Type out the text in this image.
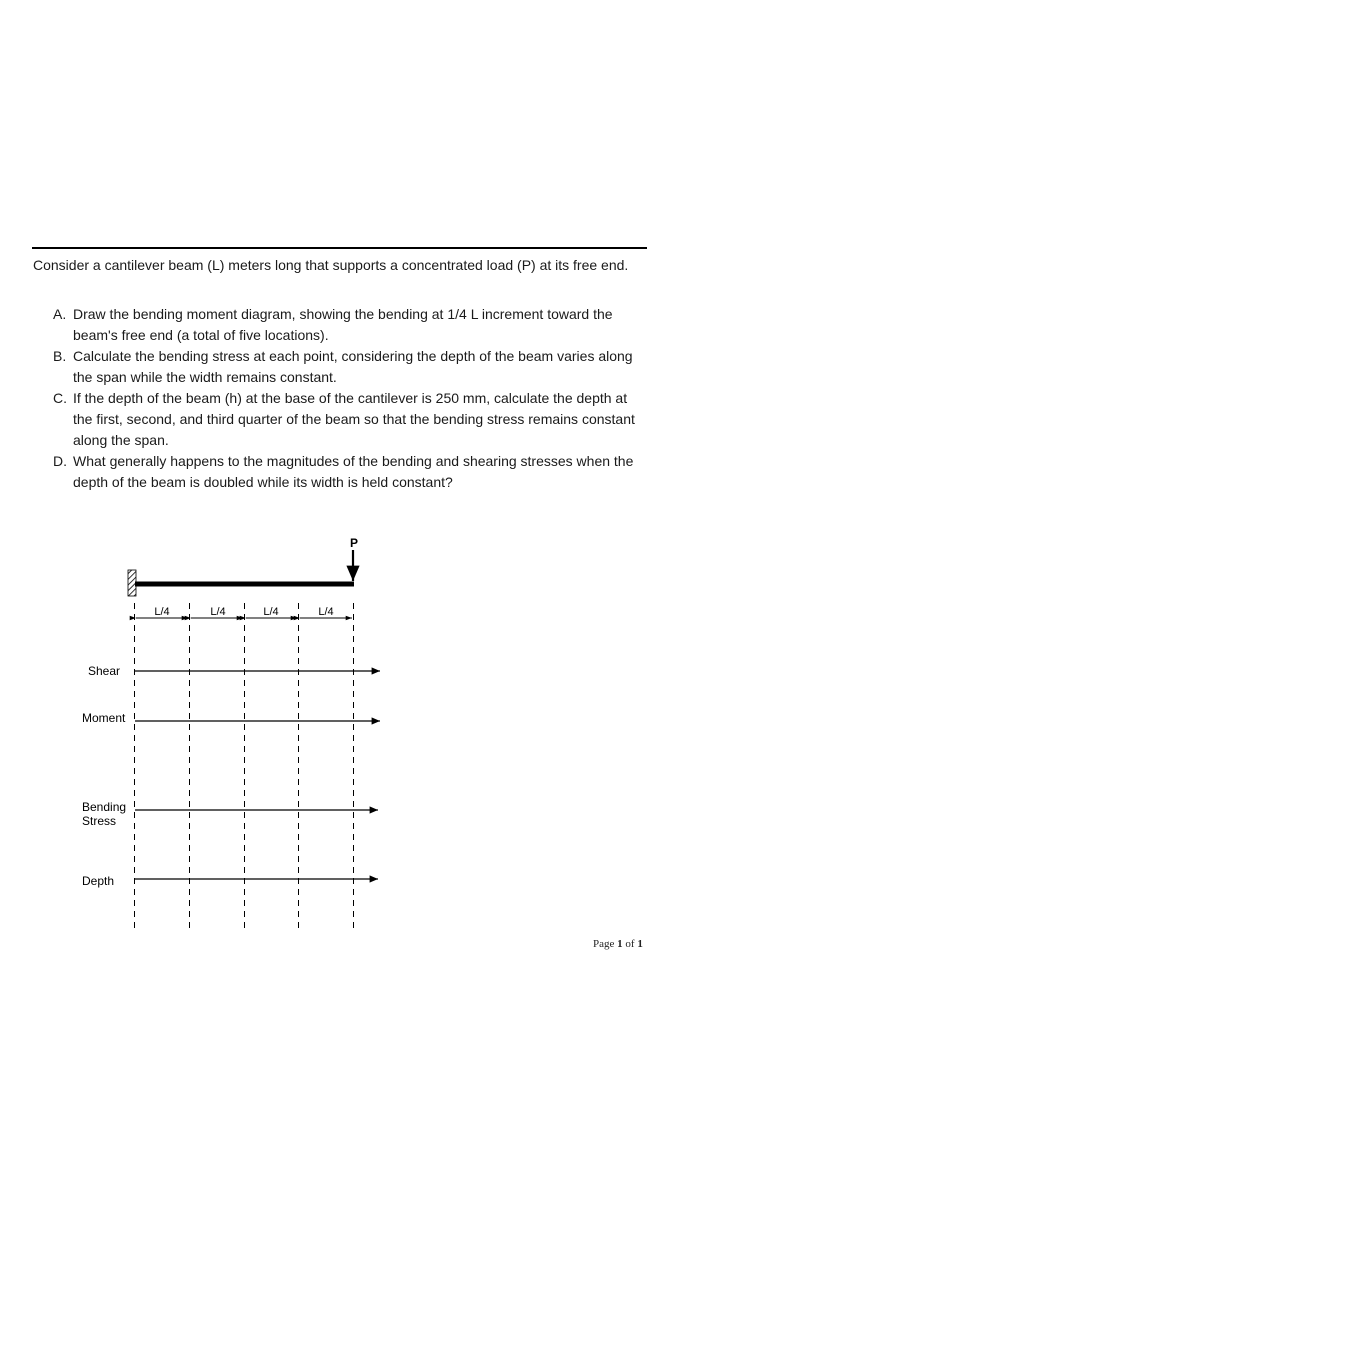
Consider a cantilever beam (L) meters long that supports a concentrated load (P) at its free end.
A. Draw the bending moment diagram, showing the bending at 1/4 L increment toward the beam's free end (a total of five locations).
B. Calculate the bending stress at each point, considering the depth of the beam varies along the span while the width remains constant.
C. If the depth of the beam (h) at the base of the cantilever is 250 mm, calculate the depth at the first, second, and third quarter of the beam so that the bending stress remains constant along the span.
D. What generally happens to the magnitudes of the bending and shearing stresses when the depth of the beam is doubled while its width is held constant?
P
L/4	L/4	L/4	L/4
Shear
Moment
Bending
Stress
Depth
Page 1 of 1
